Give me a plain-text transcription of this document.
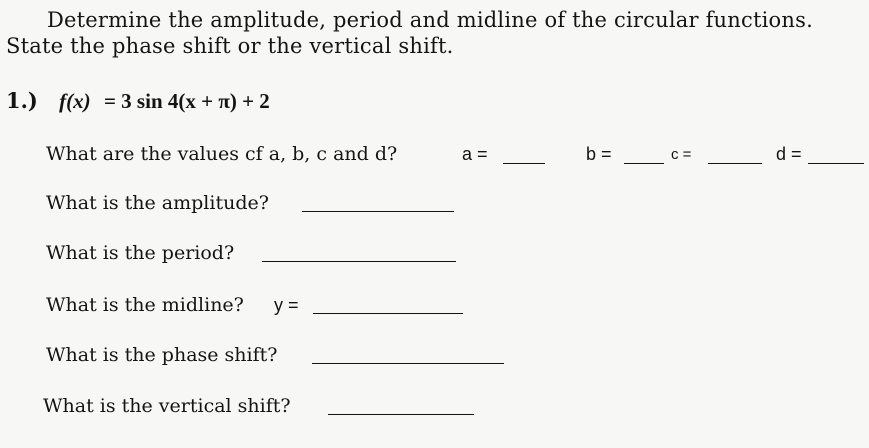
Determine the amplitude, period and midline of the circular functions.
State the phase shift or the vertical shift.
1.) f(x) = 3 sin 4(x + π) + 2
What are the values cf a, b, c and d?	a =	b =	c =	d =
What is the amplitude?
What is the period?
What is the midline? y =
What is the phase shift?
What is the vertical shift?
